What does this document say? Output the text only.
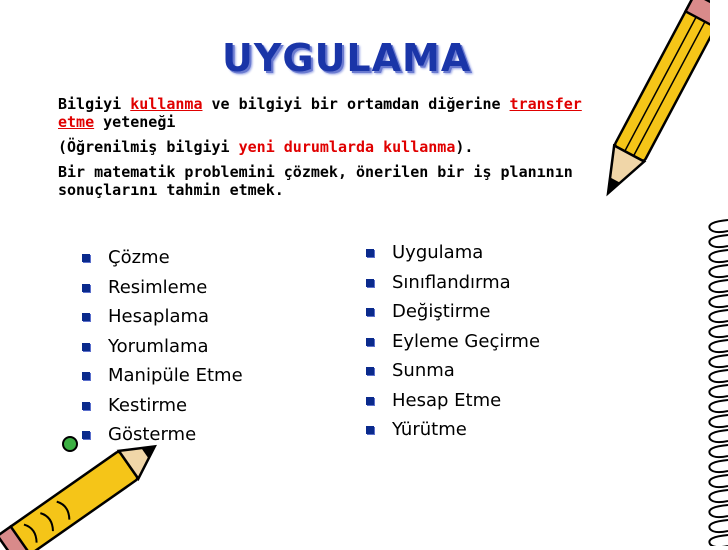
UYGULAMA

Bilgiyi kullanma ve bilgiyi bir ortamdan diğerine transfer etme yeteneği

(Öğrenilmiş bilgiyi yeni durumlarda kullanma).

Bir matematik problemini çözmek, önerilen bir iş planının sonuçlarını tahmin etmek.

Çözme
Resimleme
Hesaplama
Yorumlama
Manipüle Etme
Kestirme
Gösterme
Uygulama
Sınıflandırma
Değiştirme
Eyleme Geçirme
Sunma
Hesap Etme
Yürütme
